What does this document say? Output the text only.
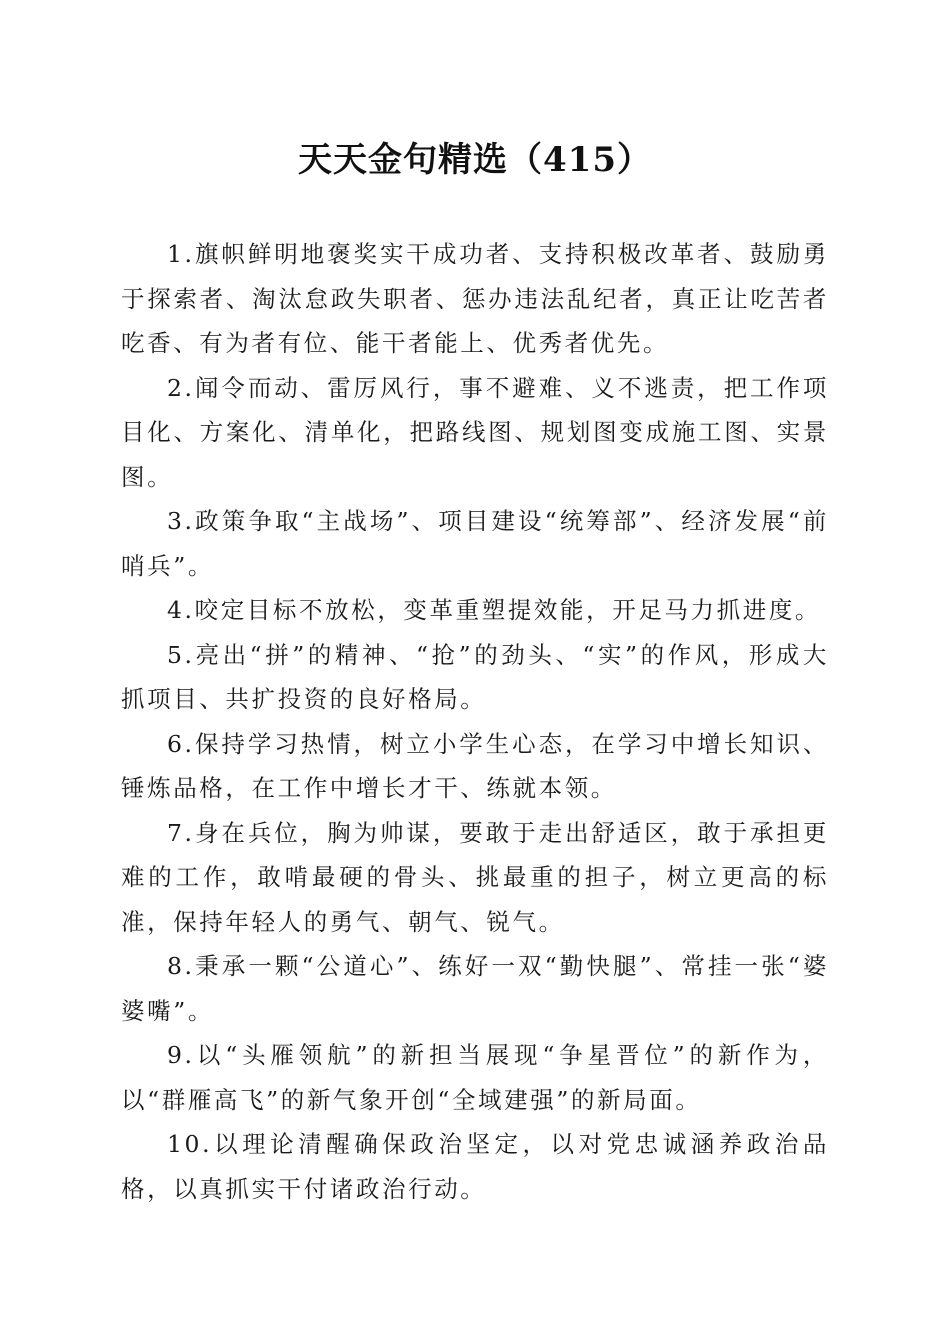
天天金句精选（415）

1.旗帜鲜明地褒奖实干成功者、支持积极改革者、鼓励勇于探索者、淘汰怠政失职者、惩办违法乱纪者，真正让吃苦者吃香、有为者有位、能干者能上、优秀者优先。

2.闻令而动、雷厉风行，事不避难、义不逃责，把工作项目化、方案化、清单化，把路线图、规划图变成施工图、实景图。

3.政策争取“主战场”、项目建设“统筹部”、经济发展“前哨兵”。

4.咬定目标不放松，变革重塑提效能，开足马力抓进度。

5.亮出“拼”的精神、“抢”的劲头、“实”的作风，形成大抓项目、共扩投资的良好格局。

6.保持学习热情，树立小学生心态，在学习中增长知识、锤炼品格，在工作中增长才干、练就本领。

7.身在兵位，胸为帅谋，要敢于走出舒适区，敢于承担更难的工作，敢啃最硬的骨头、挑最重的担子，树立更高的标准，保持年轻人的勇气、朝气、锐气。

8.秉承一颗“公道心”、练好一双“勤快腿”、常挂一张“婆婆嘴”。

9.以“头雁领航”的新担当展现“争星晋位”的新作为，以“群雁高飞”的新气象开创“全域建强”的新局面。

10.以理论清醒确保政治坚定，以对党忠诚涵养政治品格，以真抓实干付诸政治行动。
